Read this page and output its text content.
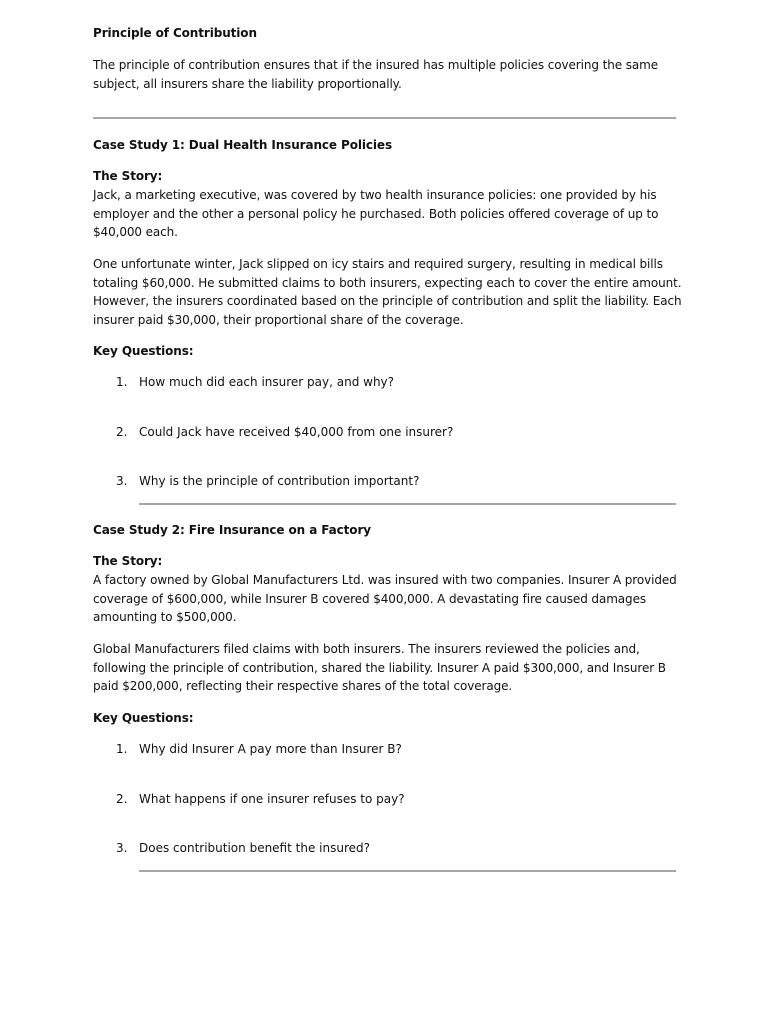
Principle of Contribution

The principle of contribution ensures that if the insured has multiple policies covering the same subject, all insurers share the liability proportionally.

Case Study 1: Dual Health Insurance Policies

The Story:

Jack, a marketing executive, was covered by two health insurance policies: one provided by his employer and the other a personal policy he purchased. Both policies offered coverage of up to $40,000 each.

One unfortunate winter, Jack slipped on icy stairs and required surgery, resulting in medical bills totaling $60,000. He submitted claims to both insurers, expecting each to cover the entire amount. However, the insurers coordinated based on the principle of contribution and split the liability. Each insurer paid $30,000, their proportional share of the coverage.

Key Questions:

1. How much did each insurer pay, and why?
2. Could Jack have received $40,000 from one insurer?
3. Why is the principle of contribution important?

Case Study 2: Fire Insurance on a Factory

The Story:

A factory owned by Global Manufacturers Ltd. was insured with two companies. Insurer A provided coverage of $600,000, while Insurer B covered $400,000. A devastating fire caused damages amounting to $500,000.

Global Manufacturers filed claims with both insurers. The insurers reviewed the policies and, following the principle of contribution, shared the liability. Insurer A paid $300,000, and Insurer B paid $200,000, reflecting their respective shares of the total coverage.

Key Questions:

1. Why did Insurer A pay more than Insurer B?
2. What happens if one insurer refuses to pay?
3. Does contribution benefit the insured?
